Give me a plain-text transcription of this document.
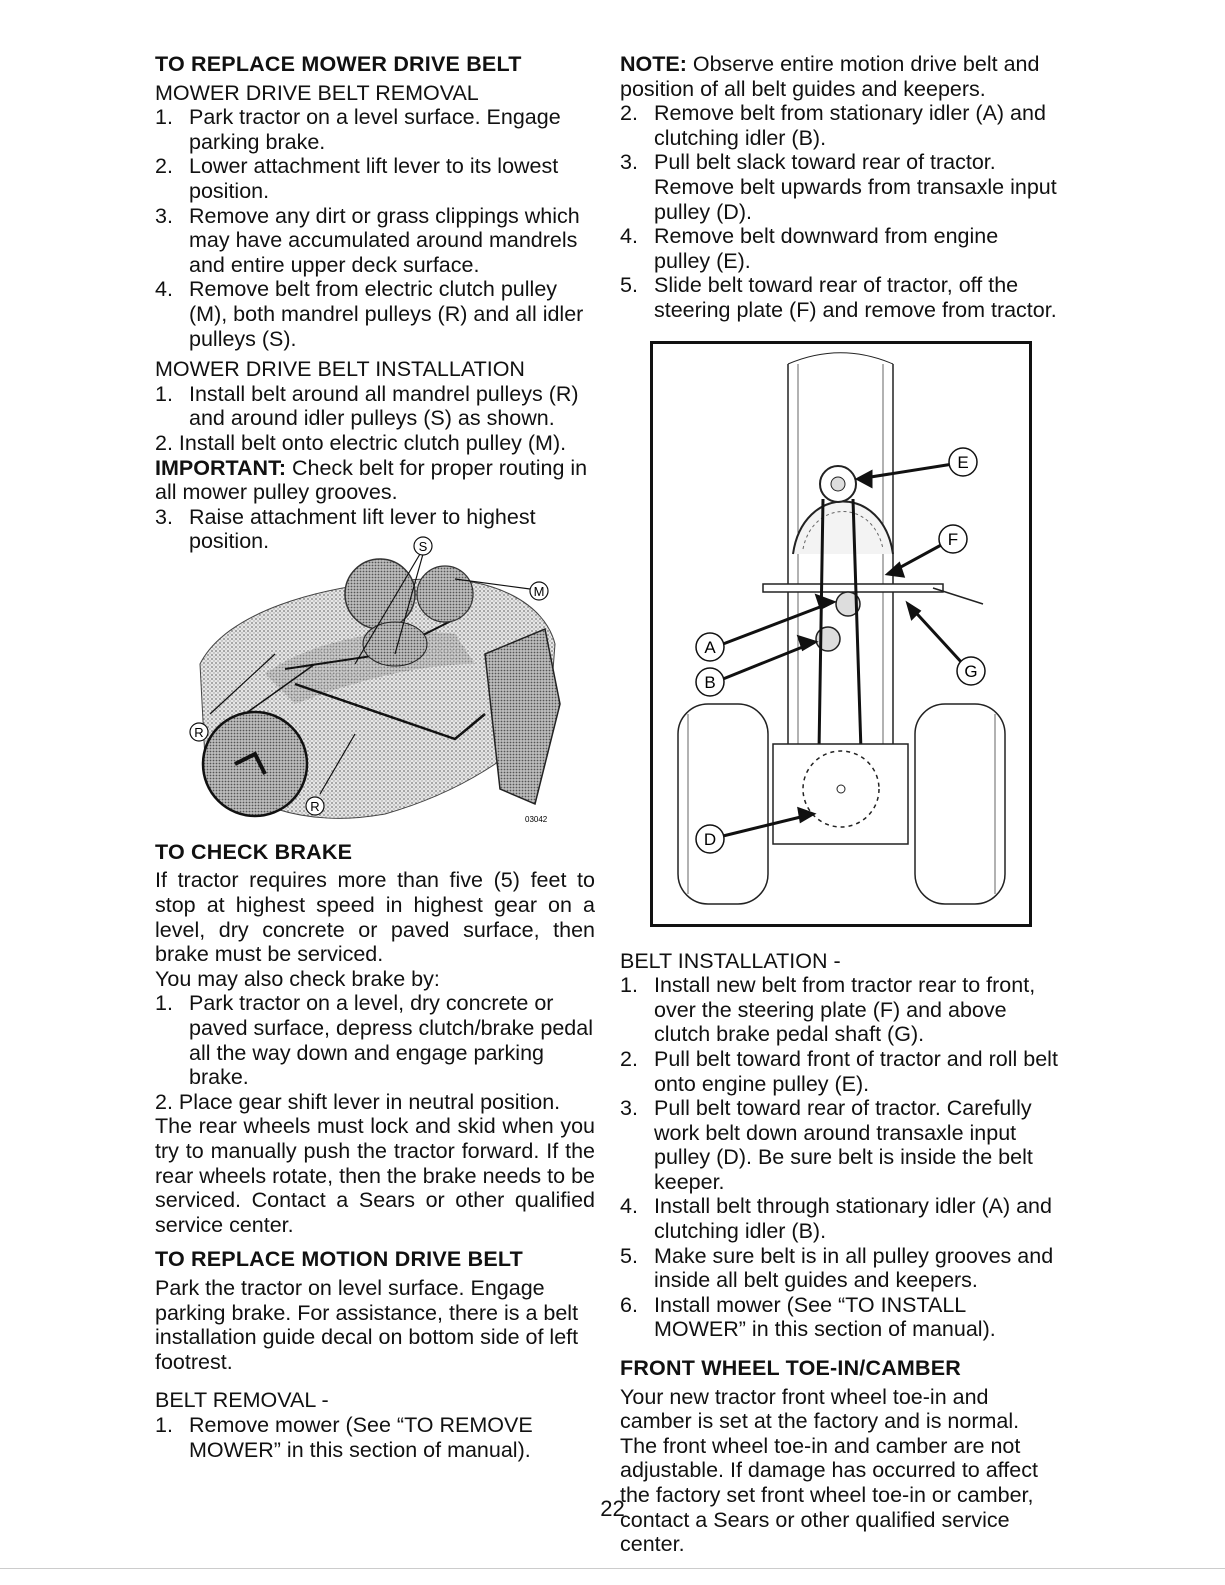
TO REPLACE MOWER DRIVE BELT

MOWER DRIVE BELT REMOVAL

1. Park tractor on a level surface. Engage parking brake.
2. Lower attachment lift lever to its lowest position.
3. Remove any dirt or grass clippings which may have accumulated around mandrels and entire upper deck surface.
4. Remove belt from electric clutch pulley (M), both mandrel pulleys (R) and all idler pulleys (S).

MOWER DRIVE BELT INSTALLATION

1. Install belt around all mandrel pulleys (R) and around idler pulleys (S) as shown.
2. Install belt onto electric clutch pulley (M).

IMPORTANT: Check belt for proper routing in all mower pulley grooves.

3. Raise attachment lift lever to highest position.	S
M
R
R
03042
TO CHECK BRAKE

If tractor requires more than five (5) feet to stop at highest speed in highest gear on a level, dry concrete or paved surface, then brake must be serviced.

You may also check brake by:

1. Park tractor on a level, dry concrete or paved surface, depress clutch/brake pedal all the way down and engage parking brake.
2. Place gear shift lever in neutral position.

The rear wheels must lock and skid when you try to manually push the tractor forward. If the rear wheels rotate, then the brake needs to be serviced. Contact a Sears or other qualified service center.

TO REPLACE MOTION DRIVE BELT

Park the tractor on level surface. Engage parking brake. For assistance, there is a belt installation guide decal on bottom side of left footrest.

BELT REMOVAL -

1. Remove mower (See “TO REMOVE MOWER” in this section of manual).

NOTE: Observe entire motion drive belt and position of all belt guides and keepers.

2. Remove belt from stationary idler (A) and clutching idler (B).
3. Pull belt slack toward rear of tractor. Remove belt upwards from transaxle input pulley (D).
4. Remove belt downward from engine pulley (E).
5. Slide belt toward rear of tractor, off the steering plate (F) and remove from tractor.
E
F
A
B
G
D

BELT INSTALLATION -

1. Install new belt from tractor rear to front, over the steering plate (F) and above clutch brake pedal shaft (G).
2. Pull belt toward front of tractor and roll belt onto engine pulley (E).
3. Pull belt toward rear of tractor. Carefully work belt down around transaxle input pulley (D). Be sure belt is inside the belt keeper.
4. Install belt through stationary idler (A) and clutching idler (B).
5. Make sure belt is in all pulley grooves and inside all belt guides and keepers.
6. Install mower (See “TO INSTALL MOWER” in this section of manual).
FRONT WHEEL TOE-IN/CAMBER

Your new tractor front wheel toe-in and camber is set at the factory and is normal. The front wheel toe-in and camber are not adjustable. If damage has occurred to affect the factory set front wheel toe-in or camber, contact a Sears or other qualified service center.

22
